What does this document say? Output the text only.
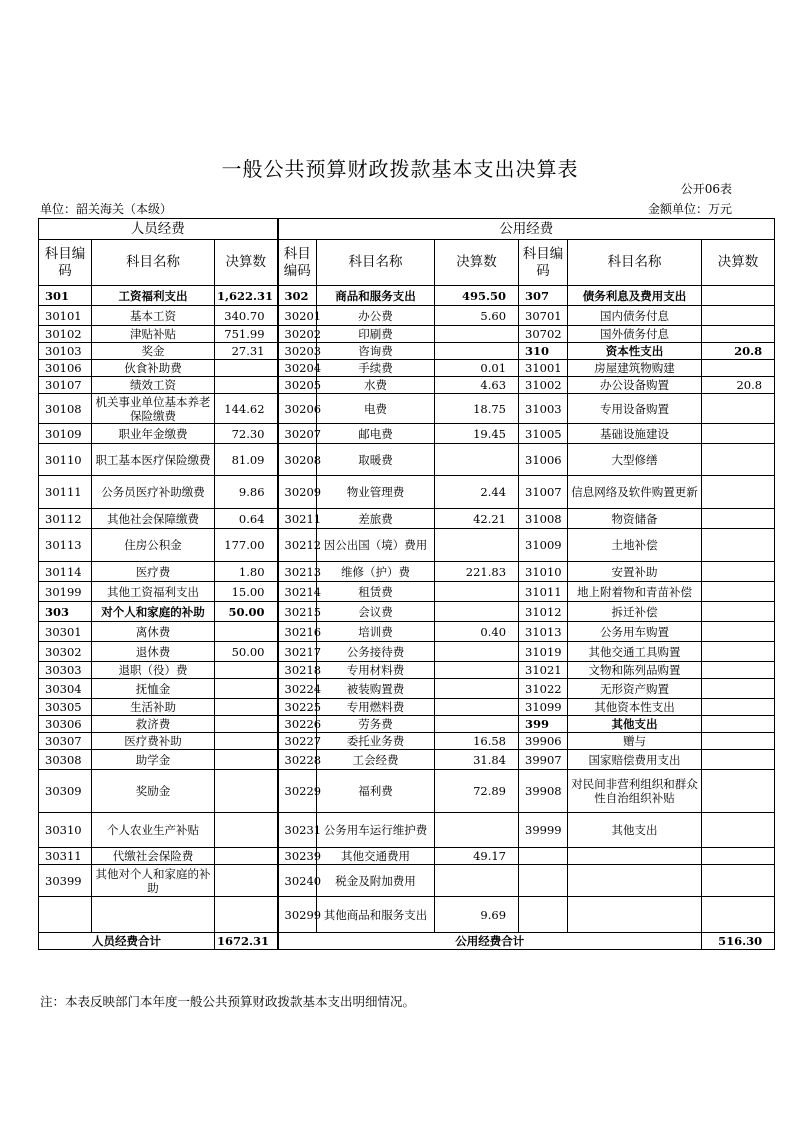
一般公共预算财政拨款基本支出决算表
公开06表
单位：韶关海关（本级）	金额单位：万元
人员经费			公用经费					
科目编码	科目名称	决算数	科目编码	科目名称	决算数	科目编码	科目名称	决算数
301	工资福利支出	1,622.31	302	商品和服务支出	495.50	307	债务利息及费用支出	
30101	基本工资	340.70	30201	办公费	5.60	30701	国内债务付息	
30102	津贴补贴	751.99	30202	印刷费		30702	国外债务付息	
30103	奖金	27.31	30203	咨询费		310	资本性支出	20.8
30106	伙食补助费		30204	手续费	0.01	31001	房屋建筑物购建	
30107	绩效工资		30205	水费	4.63	31002	办公设备购置	20.8
30108	机关事业单位基本养老保险缴费	144.62	30206	电费	18.75	31003	专用设备购置	
30109	职业年金缴费	72.30	30207	邮电费	19.45	31005	基础设施建设	
30110	职工基本医疗保险缴费	81.09	30208	取暖费		31006	大型修缮	
30111	公务员医疗补助缴费	9.86	30209	物业管理费	2.44	31007	信息网络及软件购置更新	
30112	其他社会保障缴费	0.64	30211	差旅费	42.21	31008	物资储备	
30113	住房公积金	177.00	30212	因公出国（境）费用		31009	土地补偿	
30114	医疗费	1.80	30213	维修（护）费	221.83	31010	安置补助	
30199	其他工资福利支出	15.00	30214	租赁费		31011	地上附着物和青苗补偿	
303	对个人和家庭的补助	50.00	30215	会议费		31012	拆迁补偿	
30301	离休费		30216	培训费	0.40	31013	公务用车购置	
30302	退休费	50.00	30217	公务接待费		31019	其他交通工具购置	
30303	退职（役）费		30218	专用材料费		31021	文物和陈列品购置	
30304	抚恤金		30224	被装购置费		31022	无形资产购置	
30305	生活补助		30225	专用燃料费		31099	其他资本性支出	
30306	救济费		30226	劳务费		399	其他支出	
30307	医疗费补助		30227	委托业务费	16.58	39906	赠与	
30308	助学金		30228	工会经费	31.84	39907	国家赔偿费用支出	
30309	奖励金		30229	福利费	72.89	39908	对民间非营利组织和群众性自治组织补贴	
30310	个人农业生产补贴		30231	公务用车运行维护费		39999	其他支出	
30311	代缴社会保险费		30239	其他交通费用	49.17			
30399	其他对个人和家庭的补助		30240	税金及附加费用				
			30299	其他商品和服务支出	9.69			
人员经费合计		1672.31	公用经费合计					516.30
注：本表反映部门本年度一般公共预算财政拨款基本支出明细情况。
